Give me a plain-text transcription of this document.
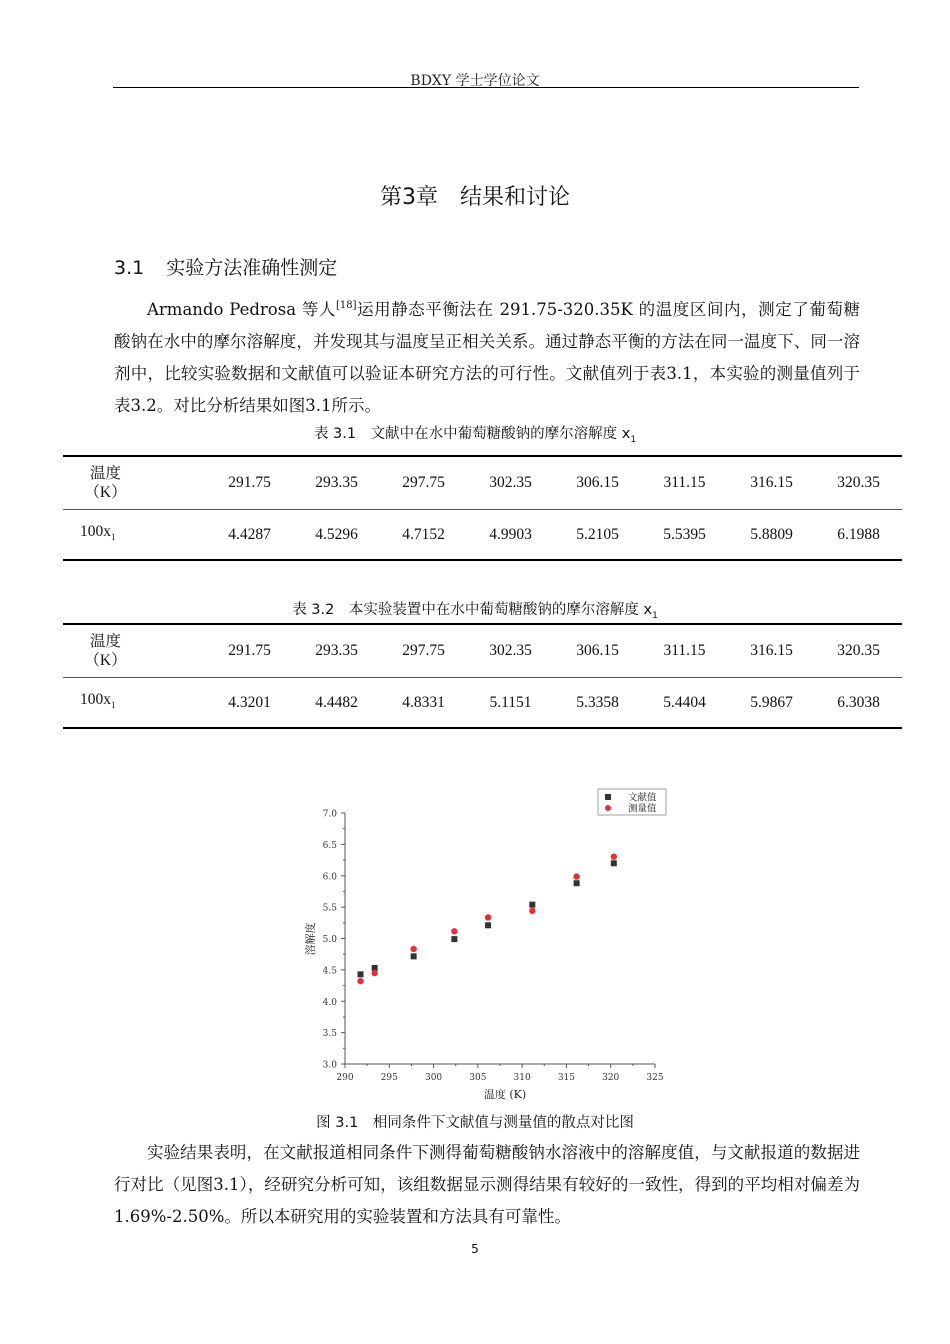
BDXY 学士学位论文
第3章　结果和讨论
3.1 实验方法准确性测定
Armando Pedrosa 等人[18]运用静态平衡法在 291.75-320.35K 的温度区间内，测定了葡萄糖酸钠在水中的摩尔溶解度，并发现其与温度呈正相关关系。通过静态平衡的方法在同一温度下、同一溶剂中，比较实验数据和文献值可以验证本研究方法的可行性。文献值列于表3.1，本实验的测量值列于表3.2。对比分析结果如图3.1所示。
表 3.1　文献中在水中葡萄糖酸钠的摩尔溶解度 $x_1$
温度
（K）		291.75	293.35	297.75	302.35	306.15	311.15	316.15	320.35
$100x_1$		4.4287	4.5296	4.7152	4.9903	5.2105	5.5395	5.8809	6.1988
表 3.2　本实验装置中在水中葡萄糖酸钠的摩尔溶解度 $x_1$
温度
（K）		291.75	293.35	297.75	302.35	306.15	311.15	316.15	320.35
$100x_1$		4.3201	4.4482	4.8331	5.1151	5.3358	5.4404	5.9867	6.3038
3.0
3.5
4.0
4.5
5.0
5.5
6.0
6.5
7.0
290	295	300	305	310	315	320	325
文献值
测量值
温度 (K)
溶解度
图 3.1　相同条件下文献值与测量值的散点对比图
实验结果表明，在文献报道相同条件下测得葡萄糖酸钠水溶液中的溶解度值，与文献报道的数据进行对比（见图3.1），经研究分析可知，该组数据显示测得结果有较好的一致性，得到的平均相对偏差为1.69%-2.50%。所以本研究用的实验装置和方法具有可靠性。
5
